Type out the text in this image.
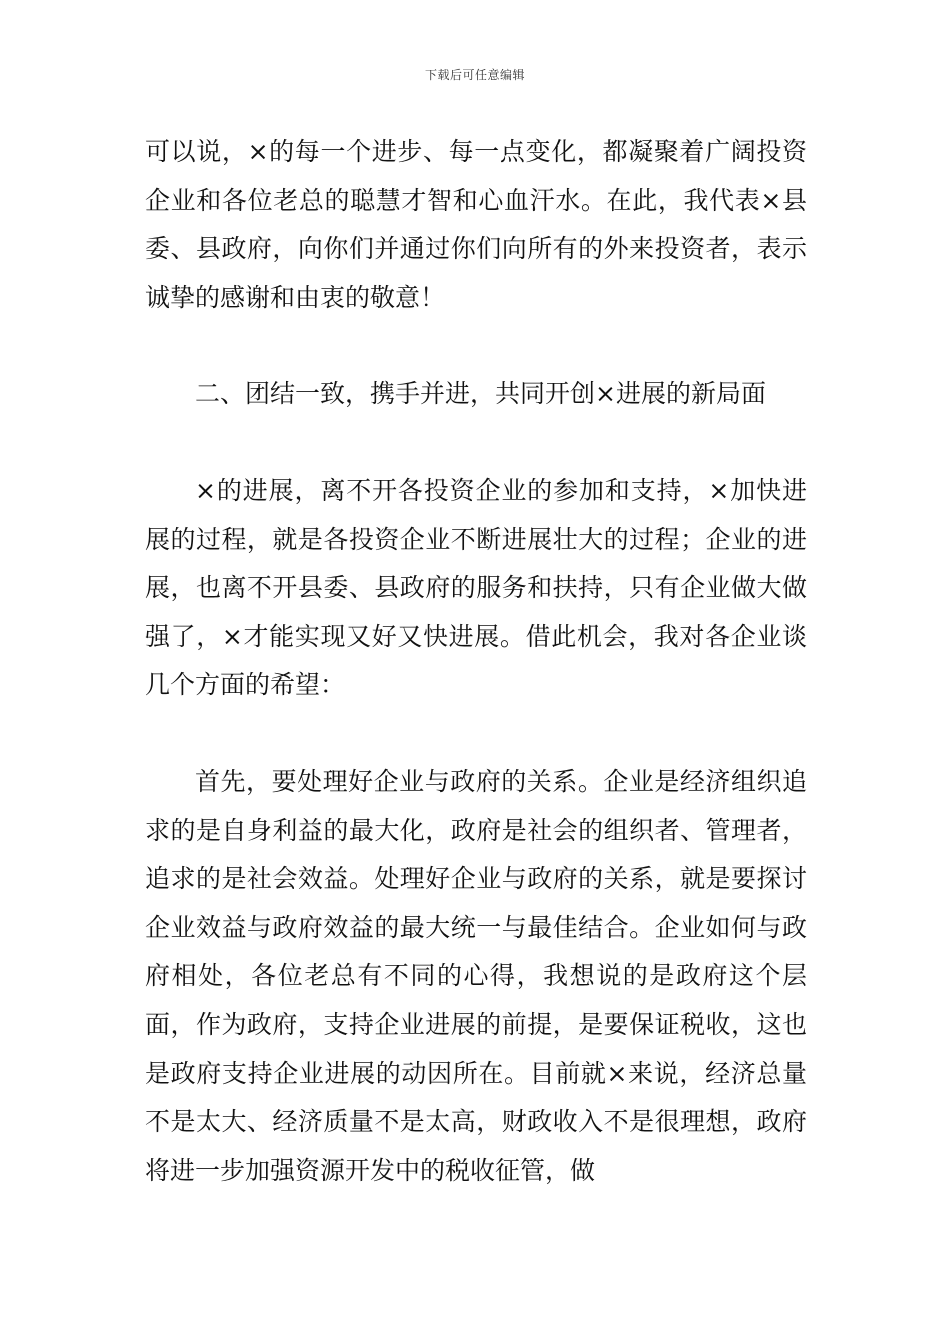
下载后可任意编辑

可以说，×的每一个进步、每一点变化，都凝聚着广阔投资企业和各位老总的聪慧才智和心血汗水。在此，我代表×县委、县政府，向你们并通过你们向所有的外来投资者，表示诚挚的感谢和由衷的敬意！

二、团结一致，携手并进，共同开创×进展的新局面

×的进展，离不开各投资企业的参加和支持，×加快进展的过程，就是各投资企业不断进展壮大的过程；企业的进展，也离不开县委、县政府的服务和扶持，只有企业做大做强了，×才能实现又好又快进展。借此机会，我对各企业谈几个方面的希望：

首先，要处理好企业与政府的关系。企业是经济组织追求的是自身利益的最大化，政府是社会的组织者、管理者，追求的是社会效益。处理好企业与政府的关系，就是要探讨企业效益与政府效益的最大统一与最佳结合。企业如何与政府相处，各位老总有不同的心得，我想说的是政府这个层面，作为政府，支持企业进展的前提，是要保证税收，这也是政府支持企业进展的动因所在。目前就×来说，经济总量不是太大、经济质量不是太高，财政收入不是很理想，政府将进一步加强资源开发中的税收征管，做
